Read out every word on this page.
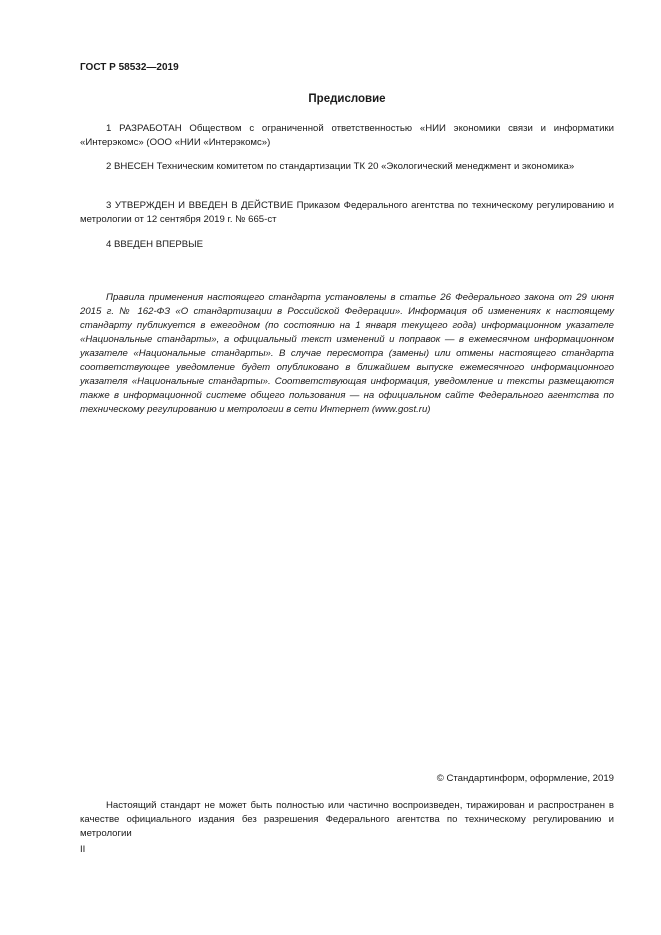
ГОСТ Р 58532—2019
Предисловие

1 РАЗРАБОТАН Обществом с ограниченной ответственностью «НИИ экономики связи и информатики «Интерэкомс» (ООО «НИИ «Интерэкомс»)

2 ВНЕСЕН Техническим комитетом по стандартизации ТК 20 «Экологический менеджмент и экономика»

3 УТВЕРЖДЕН И ВВЕДЕН В ДЕЙСТВИЕ Приказом Федерального агентства по техническому регулированию и метрологии от 12 сентября 2019 г. № 665-ст

4 ВВЕДЕН ВПЕРВЫЕ

Правила применения настоящего стандарта установлены в статье 26 Федерального закона от 29 июня 2015 г. № 162-ФЗ «О стандартизации в Российской Федерации». Информация об изменениях к настоящему стандарту публикуется в ежегодном (по состоянию на 1 января текущего года) информационном указателе «Национальные стандарты», а официальный текст изменений и поправок — в ежемесячном информационном указателе «Национальные стандарты». В случае пересмотра (замены) или отмены настоящего стандарта соответствующее уведомление будет опубликовано в ближайшем выпуске ежемесячного информационного указателя «Национальные стандарты». Соответствующая информация, уведомление и тексты размещаются также в информационной системе общего пользования — на официальном сайте Федерального агентства по техническому регулированию и метрологии в сети Интернет (www.gost.ru)

© Стандартинформ, оформление, 2019

Настоящий стандарт не может быть полностью или частично воспроизведен, тиражирован и распространен в качестве официального издания без разрешения Федерального агентства по техническому регулированию и метрологии

II
